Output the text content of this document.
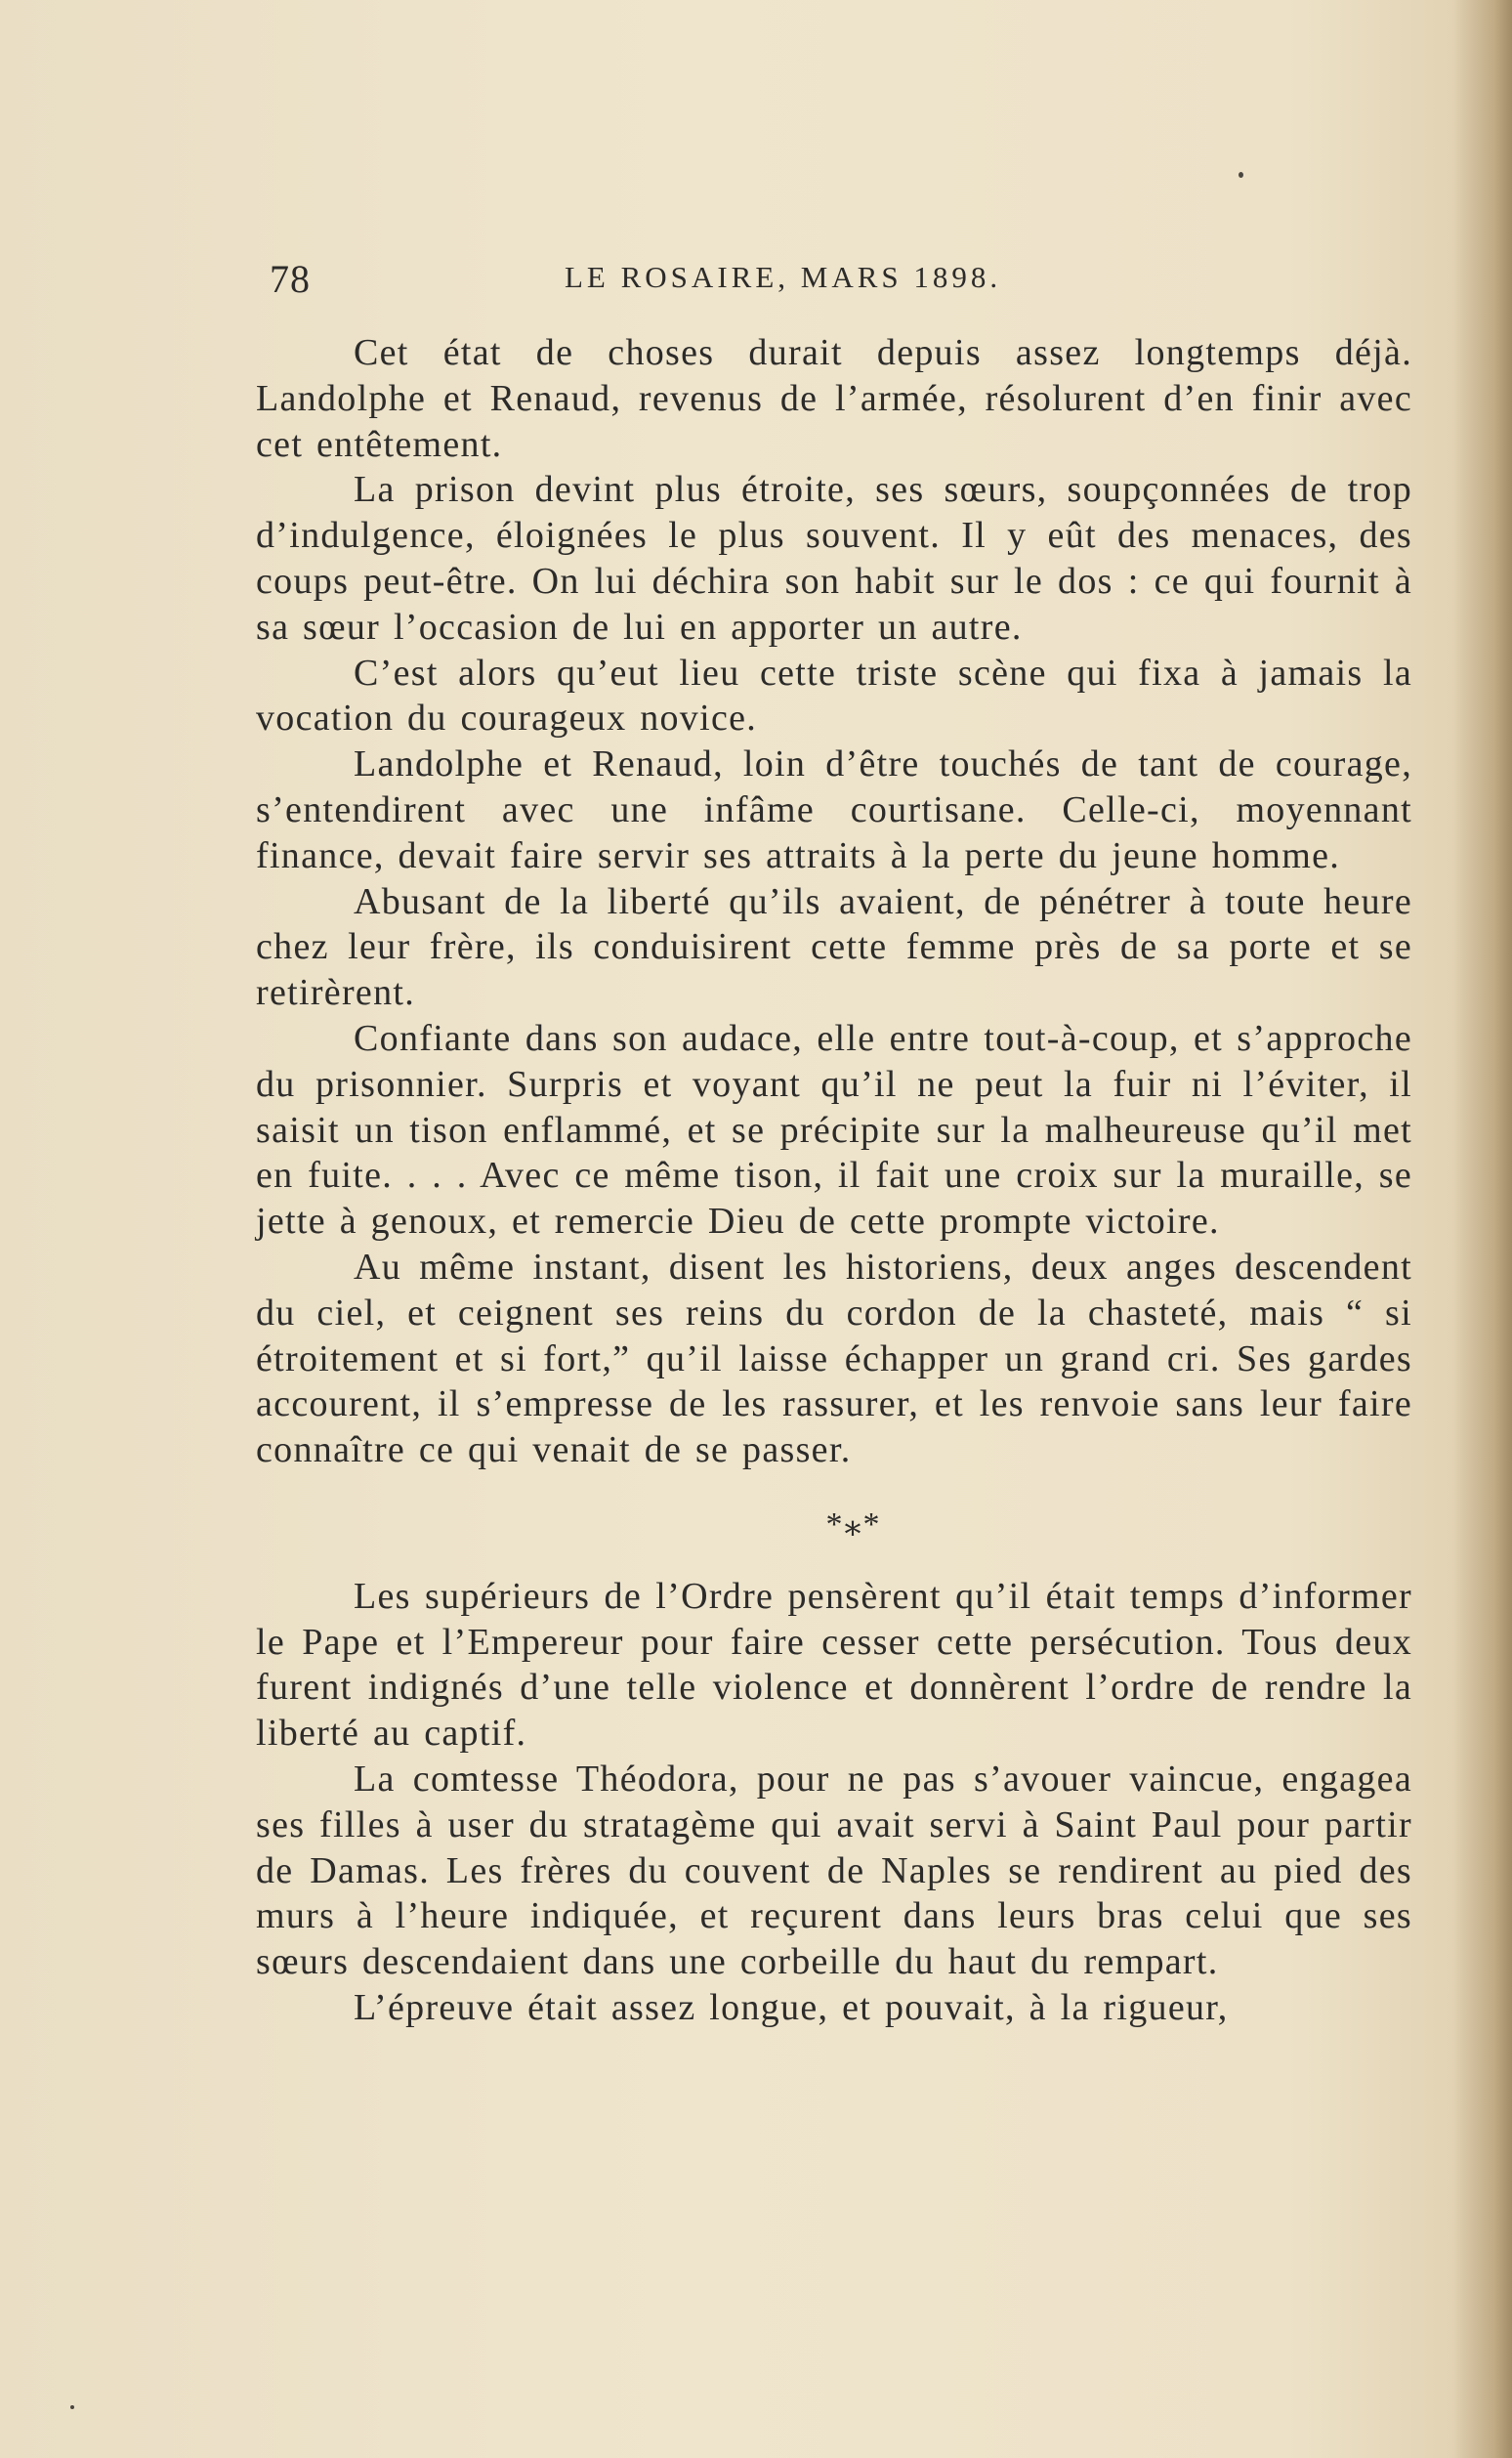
78	LE ROSAIRE, MARS 1898.

Cet état de choses durait depuis assez longtemps déjà. Landolphe et Renaud, revenus de l’armée, résolurent d’en finir avec cet entêtement.

La prison devint plus étroite, ses sœurs, soupçonnées de trop d’indulgence, éloignées le plus souvent. Il y eût des menaces, des coups peut-être. On lui déchira son habit sur le dos : ce qui fournit à sa sœur l’occasion de lui en apporter un autre.

C’est alors qu’eut lieu cette triste scène qui fixa à jamais la vocation du courageux novice.

Landolphe et Renaud, loin d’être touchés de tant de courage, s’entendirent avec une infâme courtisane. Celle-ci, moyennant finance, devait faire servir ses attraits à la perte du jeune homme.

Abusant de la liberté qu’ils avaient, de pénétrer à toute heure chez leur frère, ils conduisirent cette femme près de sa porte et se retirèrent.

Confiante dans son audace, elle entre tout-à-coup, et s’approche du prisonnier. Surpris et voyant qu’il ne peut la fuir ni l’éviter, il saisit un tison enflammé, et se précipite sur la malheureuse qu’il met en fuite. . . . Avec ce même tison, il fait une croix sur la muraille, se jette à genoux, et remercie Dieu de cette prompte victoire.

Au même instant, disent les historiens, deux anges descendent du ciel, et ceignent ses reins du cordon de la chasteté, mais “ si étroitement et si fort,” qu’il laisse échapper un grand cri. Ses gardes accourent, il s’empresse de les rassurer, et les renvoie sans leur faire connaître ce qui venait de se passer.

*⁎*

Les supérieurs de l’Ordre pensèrent qu’il était temps d’informer le Pape et l’Empereur pour faire cesser cette persécution. Tous deux furent indignés d’une telle violence et donnèrent l’ordre de rendre la liberté au captif.

La comtesse Théodora, pour ne pas s’avouer vaincue, engagea ses filles à user du stratagème qui avait servi à Saint Paul pour partir de Damas. Les frères du couvent de Naples se rendirent au pied des murs à l’heure indiquée, et reçurent dans leurs bras celui que ses sœurs descendaient dans une corbeille du haut du rempart.

L’épreuve était assez longue, et pouvait, à la rigueur,
